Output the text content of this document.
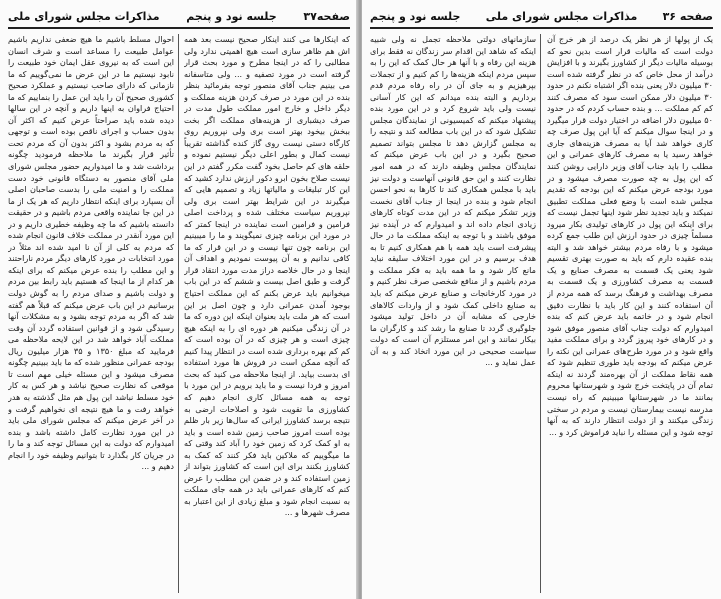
صفحه۳۷
جلسه نود و پنجم
مذاکرات مجلس شورای ملی

که اینکارها می کنند اینکار صحیح نیست بعد همه اش هم ظاهر سازی است هیچ اهمیتی ندارد ولی مطالبی را که در اینجا مطرح و مورد بحث قرار گرفته است در مورد تصفیه و ... ولی متاسفانه می بینیم جناب آقای منصور توجه بفرمائید بنظر بنده در این مورد در صرف کردن هزینه مملکت و دیگر داخل و خارج امور مملکت طول مدت در صرف دیشباری از هزینه‌های مملکت اگر بخت ببخش بیخود بهتر است بری ولی نپروریم روی کارگاه دستی نیست روی گاز کنده گذاشته تقریباً نیست کمال و بطور اعلی دیگر نیستیم نموده و حلقه های کم حاصل بخود گفت مکرر گفتم در این نیست صلاح بخون ابرو دکور ارزش ندارد کشید که این کار تبلیغات و مالیاتها زیاد و تصمیم هایی که میگیرند در این شرایط بهتر است بری ولی نپروریم سیاست مختلف شده و پرداخت اصلی فرامین و فرامین است نماینده در اینجا کمتر که در مورد این برنامه چیزی نمیگویند و ما را میبینیم این برنامه چون تنها نیست و در این قرار که ما کافی ندانیم و به آن پیوست نمودیم و اهداف آن اینجا و در حال خلاصه دراز مدت مورد انتقاد قرار گرفت و طبق اصل بیست و ششم که در این باب میخوانیم باید عرض بکنم که این مملکت احتیاج بوجود آمدن عمرانی دارد و چون اصل بر این است که هر ملت باید بعنوان اینکه این دوره که ما در آن زندگی میکنیم هر دوره ای را به اینکه هیچ چیزی است و هر چیزی که در آن بوده است که کم کم بهره برداری شده است در انتظار پیدا کنیم که آنچه ممکن است در فروش ها مورد استفاده ای بدست بیاید. از اینجا ملاحظه می کنید که بحث امروز و فردا نیست و ما باید برویم در این مورد با توجه به همه مسائل کاری انجام دهیم که کشاورزی ما تقویت شود و اصلاحات ارضی به نتیجه برسد کشاورز ایرانی که سال‌ها زیر بار ظلم بوده است امروز صاحب زمین شده است و باید به او کمک کرد که زمین خود را آباد کند وقتی که ما میگوییم که ملاکین باید فکر کنند که کمک به کشاورز بکنند برای این است که کشاورز بتواند از زمین استفاده کند و در ضمن این مطلب را عرض کنم که کارهای عمرانی باید در همه جای مملکت به نسبت انجام شود و مبلغ زیادی از این اعتبار به مصرف شهرها و ...

احوال مسلط باشیم ما هیچ ضعفی نداریم باشیم عوامل طبیعت را مساعد است و شرف انسان این است که به نیروی عقل ایمان خود طبیعت را نابود نیستیم ما در این عرض ما نمی‌گوییم که ما نازمانی که دارای صاحب نیستیم و عملکرد صحیح کشوری صحیح آن را باید این عمل را بنماییم که ما احتیاج فراوان به اینها داریم و آنچه در این سالها دیده شده باید صراحتاً عرض کنیم که اکثر آن بدون حساب و اجرای ناقص بوده است و توجهی که به مردم بشود و اکثر بدون آن که مردم تحت تأثیر قرار بگیرند ما ملاحظه فرمودید چگونه برداشت شد و ما امیدواریم حضور مجلس شورای ملی آقای منصور به دستگاه قانونی خود دست مملکت را و امنیت ملی را بدست صاحبان اصلی آن بسپارد برای اینکه انتظار داریم که هر یک از ما در این جا نماینده واقعی مردم باشیم و در حقیقت دانسته باشیم که ما چه وظیفه خطیری داریم و در این مورد آنقدر در مملکت خلاف قانون انجام شده که مردم به کلی از آن نا امید شده اند مثلاً در مورد انتخابات در مورد کارهای دیگر مردم ناراحتند و این مطلب را بنده عرض میکنم که برای اینکه هر کدام از ما اینجا که هستیم باید رابط بین مردم و دولت باشیم و صدای مردم را به گوش دولت برسانیم در این باب عرض میکنم که قبلاً هم گفته شد که اگر به مردم توجه بشود و به مشکلات آنها رسیدگی شود و از قوانین استفاده گردد آن وقت مملکت آباد خواهد شد در این لایحه ملاحظه می فرمایید که مبلغ ۱۳۵۰ و ۳۵ هزار میلیون ریال بودجه عمرانی منظور شده که ما باید ببینیم چگونه مصرف میشود و این مسئله خیلی مهم است تا موقعی که نظارت صحیح نباشد و هر کس به کار خود مسلط نباشد این پول هم مثل گذشته به هدر خواهد رفت و ما هیچ نتیجه ای نخواهیم گرفت و در آخر عرض میکنم که مجلس شورای ملی باید در این مورد نظارت کامل داشته باشد و بنده امیدوارم که دولت به این مسائل توجه کند و ما را در جریان کار بگذارد تا بتوانیم وظیفه خود را انجام دهیم و ...

صفحه ۳۶
مذاکرات مجلس شورای ملی
جلسه نود و پنجم

یک از پولها از هر نظر یک درصد از هر خرج آن دولت است که مالیات قرار است بدین نحو که بوسیله مالیات دیگر از کشاورز بگیرند و با افزایش درآمد از محل خاص که در نظر گرفته شده است ۳۰ میلیون دلار یعنی بنده اگر اشتباه نکنم در حدود ۳۰ میلیون دلار ممکن است سود که مصرف کنند کم کم مملکت ... و بنده حساب کردم که در حدود ۵۰ میلیون دلار اضافه در اختیار دولت قرار میگیرد و در اینجا سوال میکنم که آیا این پول صرف چه کاری خواهد شد آیا به مصرف هزینه‌های جاری خواهد رسید یا به مصرف کارهای عمرانی و این مطلب را باید جناب آقای وزیر دارایی روشن کنند که این پول به چه صورت مصرف میشود و در مورد بودجه عرض میکنم که این بودجه که تقدیم مجلس شده است با وضع فعلی مملکت تطبیق نمیکند و باید تجدید نظر شود اینها تجمل نیست که برای اینکه این پول در کارهای تولیدی بکار میرود مسلماً چیزی در حدود ارزش این طلب جمع کرده میشود و با رفاه مردم بیشتر خواهد شد و البته بنده عقیده دارم که باید به صورت بهتری تقسیم شود یعنی یک قسمت به مصرف صنایع و یک قسمت به مصرف کشاورزی و یک قسمت به مصرف بهداشت و فرهنگ برسد که همه مردم از آن استفاده کنند و این کار باید با نظارت دقیق انجام شود و در خاتمه باید عرض کنم که بنده امیدوارم که دولت جناب آقای منصور موفق شود و در کارهای خود پیروز گردد و برای مملکت مفید واقع شود و در مورد طرح‌های عمرانی این نکته را عرض میکنم که بودجه باید طوری تنظیم شود که همه نقاط مملکت از آن بهره‌مند گردند نه اینکه تمام آن در پایتخت خرج شود و شهرستانها محروم بمانند ما در شهرستانها میبینیم که راه نیست مدرسه نیست بیمارستان نیست و مردم در سختی زندگی میکنند و از دولت انتظار دارند که به آنها توجه شود و این مسئله را نباید فراموش کرد و ...

سازمانهای دولتی ملاحظه تجمل نه ولی شبیه اینکه که شاهد این اقدام سر زندگان نه فقط برای هزینه این رفاه و با آنها هر حال کمک که این را به سپس مردم اینکه هزینه‌ها را کم کنیم و از تجملات بپرهیزیم و به جای آن در راه رفاه مردم قدم برداریم و البته بنده میدانم که این کار آسانی نیست ولی باید شروع کرد و در این مورد بنده پیشنهاد میکنم که کمیسیونی از نمایندگان مجلس تشکیل شود که در این باب مطالعه کند و نتیجه را به مجلس گزارش دهد تا مجلس بتواند تصمیم صحیح بگیرد و در این باب عرض میکنم که نمایندگان مجلس وظیفه دارند که در همه امور نظارت کنند و این حق قانونی آنهاست و دولت نیز باید با مجلس همکاری کند تا کارها به نحو احسن انجام شود و بنده در اینجا از جناب آقای نخست وزیر تشکر میکنم که در این مدت کوتاه کارهای زیادی انجام داده اند و امیدوارم که در آینده نیز موفق باشند و با توجه به اینکه مملکت ما در حال پیشرفت است باید همه با هم همکاری کنیم تا به هدف برسیم و در این مورد اختلاف سلیقه نباید مانع کار شود و ما همه باید به فکر مملکت و مردم باشیم و از منافع شخصی صرف نظر کنیم و در مورد کارخانجات و صنایع عرض میکنم که باید به صنایع داخلی کمک شود و از واردات کالاهای خارجی که مشابه آن در داخل تولید میشود جلوگیری گردد تا صنایع ما رشد کند و کارگران ما بیکار نمانند و این امر مستلزم آن است که دولت سیاست صحیحی در این مورد اتخاذ کند و به آن عمل نماید و ...
